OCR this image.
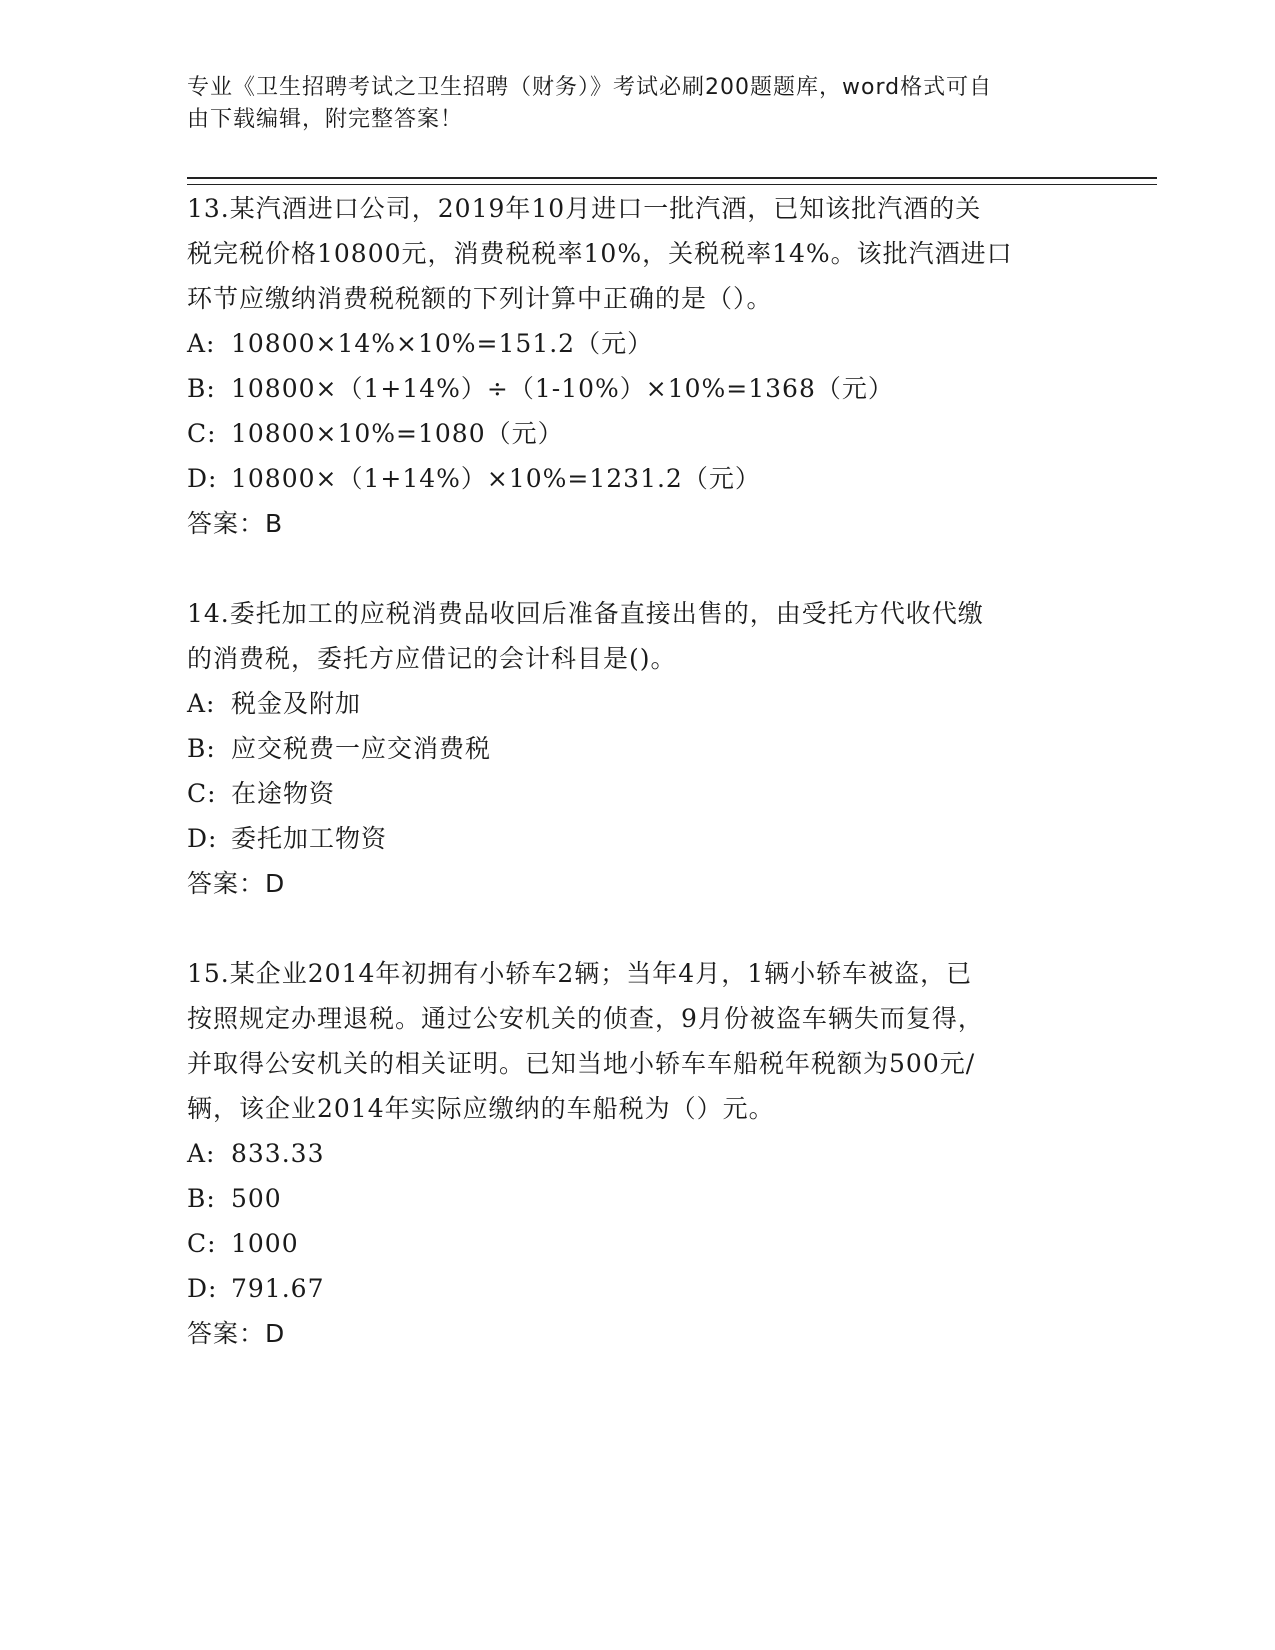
专业《卫生招聘考试之卫生招聘（财务）》考试必刷200题题库，word格式可自
由下载编辑，附完整答案！

13.某汽酒进口公司，2019年10月进口一批汽酒，已知该批汽酒的关

税完税价格10800元，消费税税率10%，关税税率14%。该批汽酒进口

环节应缴纳消费税税额的下列计算中正确的是（）。

A: 10800×14%×10%=151.2（元）
B: 10800×（1+14%）÷（1-10%）×10%=1368（元）
C: 10800×10%=1080（元）
D: 10800×（1+14%）×10%=1231.2（元）

答案：B

14.委托加工的应税消费品收回后准备直接出售的，由受托方代收代缴

的消费税，委托方应借记的会计科目是()。

A: 税金及附加
B: 应交税费一应交消费税
C: 在途物资
D: 委托加工物资

答案：D

15.某企业2014年初拥有小轿车2辆；当年4月，1辆小轿车被盗，已

按照规定办理退税。通过公安机关的侦查，9月份被盗车辆失而复得，

并取得公安机关的相关证明。已知当地小轿车车船税年税额为500元/

辆，该企业2014年实际应缴纳的车船税为（）元。

A: 833.33
B: 500
C: 1000
D: 791.67

答案：D
